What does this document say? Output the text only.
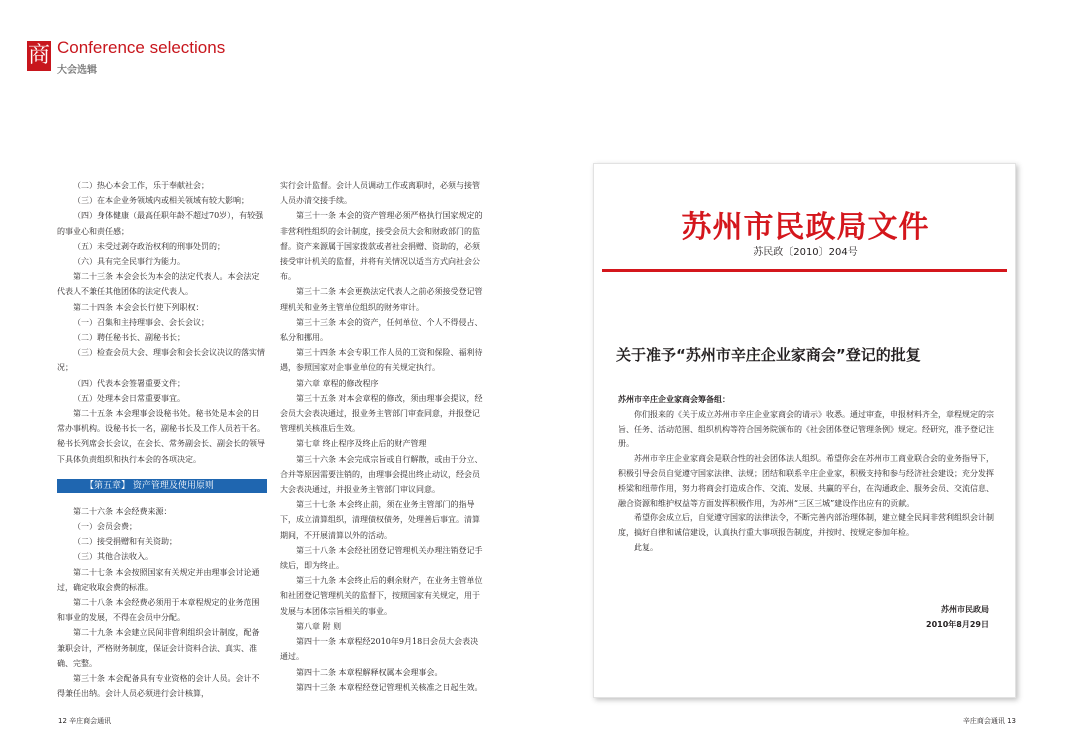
商 Conference selections
大会选辑

（二）热心本会工作，乐于奉献社会；

（三）在本企业务领域内或相关领域有较大影响；

（四）身体健康（最高任职年龄不超过70岁），有较强的事业心和责任感；

（五）未受过剥夺政治权利的刑事处罚的；

（六）具有完全民事行为能力。

第二十三条 本会会长为本会的法定代表人。本会法定代表人不兼任其他团体的法定代表人。

第二十四条 本会会长行使下列职权：

（一）召集和主持理事会、会长会议；

（二）聘任秘书长、副秘书长；

（三）检查会员大会、理事会和会长会议决议的落实情况；

（四）代表本会签署重要文件；

（五）处理本会日常重要事宜。

第二十五条 本会理事会设秘书处。秘书处是本会的日常办事机构。设秘书长一名，副秘书长及工作人员若干名。秘书长列席会长会议，在会长、常务副会长、副会长的领导下具体负责组织和执行本会的各项决定。

【第五章】 资产管理及使用原则

第二十六条 本会经费来源：

（一）会员会费；

（二）接受捐赠和有关资助；

（三）其他合法收入。

第二十七条 本会按照国家有关规定并由理事会讨论通过，确定收取会费的标准。

第二十八条 本会经费必须用于本章程规定的业务范围和事业的发展，不得在会员中分配。

第二十九条 本会建立民间非营利组织会计制度，配备兼职会计，严格财务制度，保证会计资料合法、真实、准确、完整。

第三十条 本会配备具有专业资格的会计人员。会计不得兼任出纳。会计人员必须进行会计核算，

实行会计监督。会计人员调动工作或离职时，必须与接管人员办清交接手续。

第三十一条 本会的资产管理必须严格执行国家规定的非营利性组织的会计制度，接受会员大会和财政部门的监督。资产来源属于国家拨款或者社会捐赠、资助的，必须接受审计机关的监督，并将有关情况以适当方式向社会公布。

第三十二条 本会更换法定代表人之前必须接受登记管理机关和业务主管单位组织的财务审计。

第三十三条 本会的资产，任何单位、个人不得侵占、私分和挪用。

第三十四条 本会专职工作人员的工资和保险、福利待遇，参照国家对企事业单位的有关规定执行。

第六章 章程的修改程序

第三十五条 对本会章程的修改，须由理事会提议，经会员大会表决通过，报业务主管部门审查同意，并报登记管理机关核准后生效。

第七章 终止程序及终止后的财产管理

第三十六条 本会完成宗旨或自行解散，或由于分立、合并等原因需要注销的，由理事会提出终止动议，经会员大会表决通过，并报业务主管部门审议同意。

第三十七条 本会终止前，须在业务主管部门的指导下，成立清算组织，清理债权债务，处理善后事宜。清算期间，不开展清算以外的活动。

第三十八条 本会经社团登记管理机关办理注销登记手续后，即为终止。

第三十九条 本会终止后的剩余财产，在业务主管单位和社团登记管理机关的监督下，按照国家有关规定，用于发展与本团体宗旨相关的事业。

第八章 附 则

第四十一条 本章程经2010年9月18日会员大会表决通过。

第四十二条 本章程解释权属本会理事会。

第四十三条 本章程经登记管理机关核准之日起生效。

苏州市民政局文件
苏民政〔2010〕204号
关于准予“苏州市辛庄企业家商会”登记的批复

苏州市辛庄企业家商会筹备组：

你们报来的《关于成立苏州市辛庄企业家商会的请示》收悉。通过审查，申报材料齐全，章程规定的宗旨、任务、活动范围、组织机构等符合国务院颁布的《社会团体登记管理条例》规定。经研究，准予登记注册。

苏州市辛庄企业家商会是联合性的社会团体法人组织。希望你会在苏州市工商业联合会的业务指导下，积极引导会员自觉遵守国家法律、法规；团结和联系辛庄企业家，积极支持和参与经济社会建设；充分发挥桥梁和纽带作用，努力将商会打造成合作、交流、发展、共赢的平台，在沟通政企、服务会员、交流信息、融合资源和维护权益等方面发挥积极作用，为苏州“三区三城”建设作出应有的贡献。

希望你会成立后，自觉遵守国家的法律法令，不断完善内部治理体制，建立健全民间非营利组织会计制度，搞好自律和诚信建设，认真执行重大事项报告制度，并按时、按规定参加年检。

此复。

苏州市民政局
2010年8月29日
12 辛庄商会通讯	辛庄商会通讯 13
